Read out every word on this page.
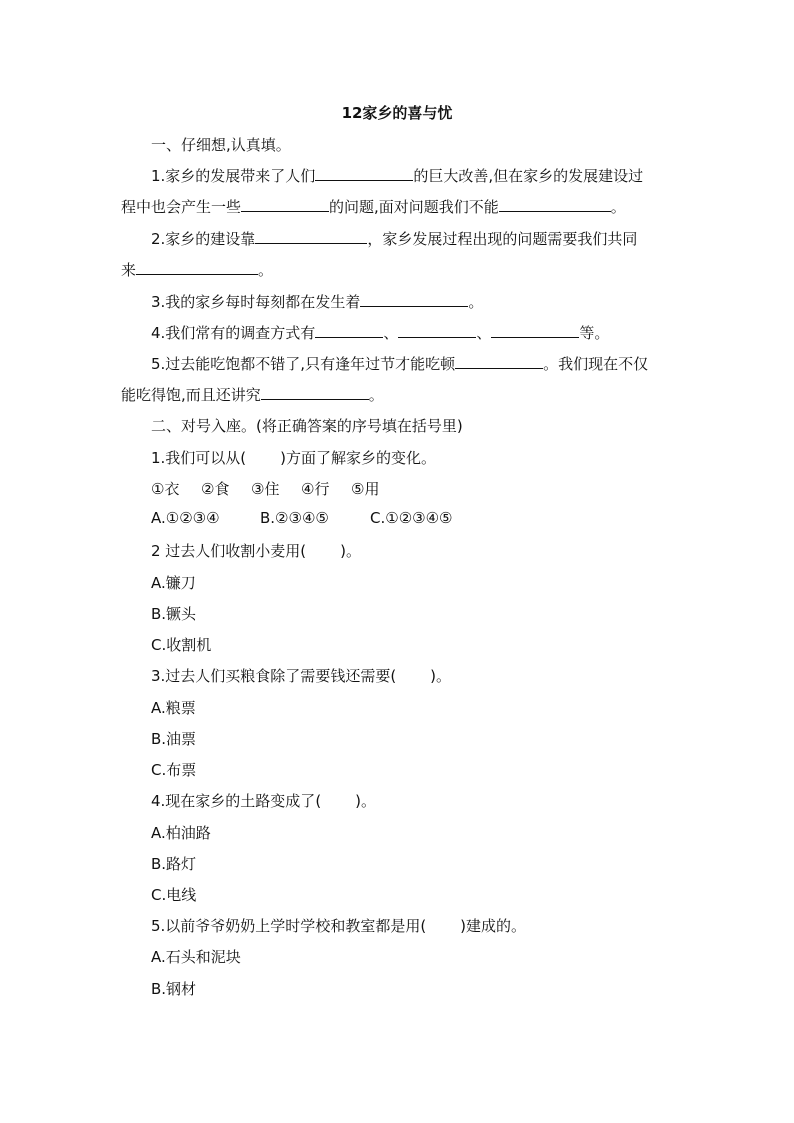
12家乡的喜与忧
一、仔细想,认真填。
1.家乡的发展带来了人们	的巨大改善,但在家乡的发展建设过
程中也会产生一些	的问题,面对问题我们不能	。
2.家乡的建设靠	，家乡发展过程出现的问题需要我们共同
来	。
3.我的家乡每时每刻都在发生着	。
4.我们常有的调查方式有	、	、	等。
5.过去能吃饱都不错了,只有逢年过节才能吃顿	。我们现在不仅
能吃得饱,而且还讲究	。
二、对号入座。(将正确答案的序号填在括号里)
1.我们可以从( )方面了解家乡的变化。
①衣 ②食 ③住 ④行 ⑤用
A.①②③④	B.②③④⑤	C.①②③④⑤
2 过去人们收割小麦用( )。
A.镰刀
B.镢头
C.收割机
3.过去人们买粮食除了需要钱还需要( )。
A.粮票
B.油票
C.布票
4.现在家乡的土路变成了( )。
A.柏油路
B.路灯
C.电线
5.以前爷爷奶奶上学时学校和教室都是用( )建成的。
A.石头和泥块
B.钢材
